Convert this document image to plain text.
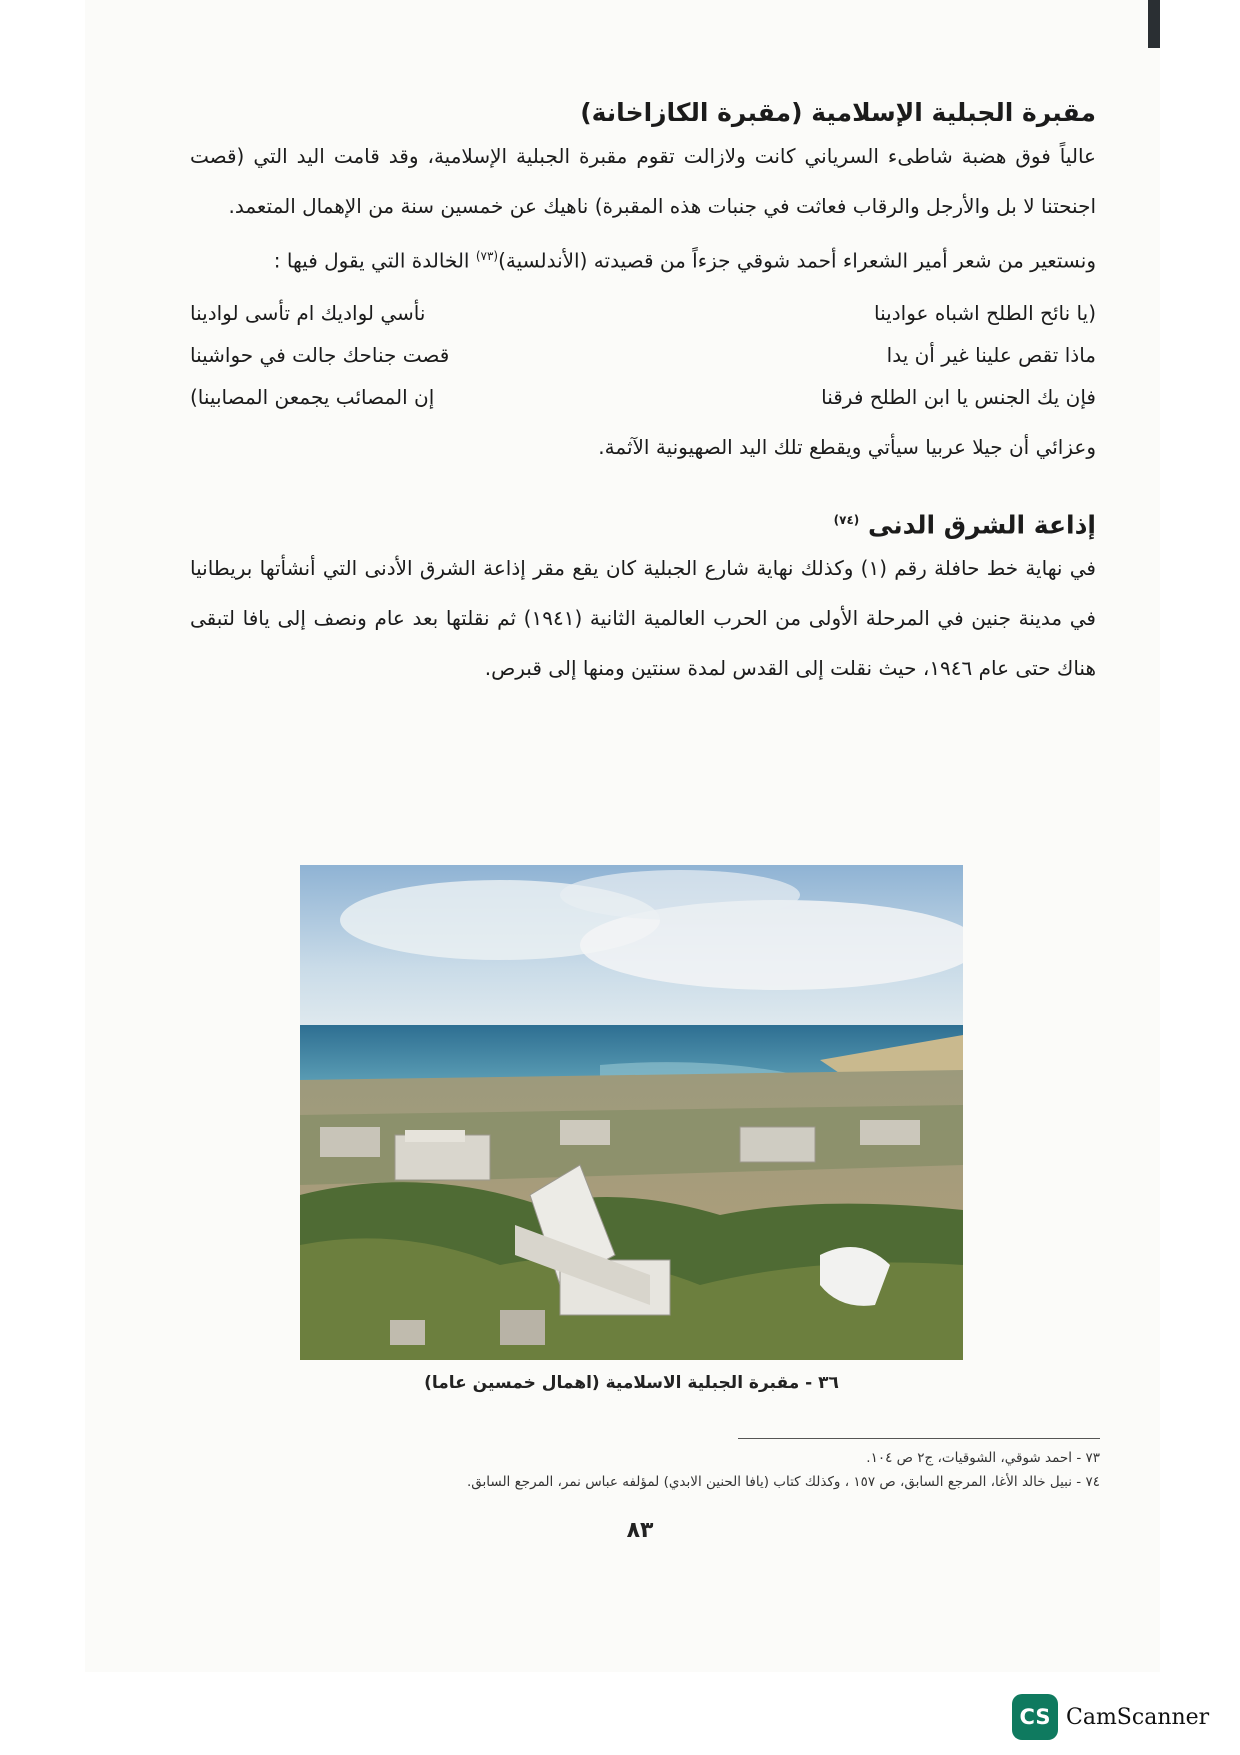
مقبرة الجبلية الإسلامية (مقبرة الكازاخانة)

عالياً فوق هضبة شاطىء السرياني كانت ولازالت تقوم مقبرة الجبلية الإسلامية، وقد قامت اليد التي (قصت اجنحتنا لا بل والأرجل والرقاب فعاثت في جنبات هذه المقبرة) ناهيك عن خمسين سنة من الإهمال المتعمد.

ونستعير من شعر أمير الشعراء أحمد شوقي جزءاً من قصيدته (الأندلسية)$^{(٧٣)}$ الخالدة التي يقول فيها :

(يا نائح الطلح اشباه عوادينا
نأسي لواديك ام تأسى لوادينا
ماذا تقص علينا غير أن يدا
قصت جناحك جالت في حواشينا
فإن يك الجنس يا ابن الطلح فرقنا
إن المصائب يجمعن المصابينا)

وعزائي أن جيلا عربيا سيأتي ويقطع تلك اليد الصهيونية الآثمة.

إذاعة الشرق الدنى $^{(٧٤)}$

في نهاية خط حافلة رقم (١) وكذلك نهاية شارع الجبلية كان يقع مقر إذاعة الشرق الأدنى التي أنشأتها بريطانيا في مدينة جنين في المرحلة الأولى من الحرب العالمية الثانية (١٩٤١) ثم نقلتها بعد عام ونصف إلى يافا لتبقى هناك حتى عام ١٩٤٦، حيث نقلت إلى القدس لمدة سنتين ومنها إلى قبرص.

٣٦ - مقبرة الجبلية الاسلامية (اهمال خمسين عاما)
٧٣ - احمد شوقي، الشوقيات، ج٢ ص ١٠٤.
٧٤ - نبيل خالد الأغا، المرجع السابق، ص ١٥٧ ، وكذلك كتاب (يافا الحنين الابدي) لمؤلفه عباس نمر، المرجع السابق.
٨٣
CS CamScanner
